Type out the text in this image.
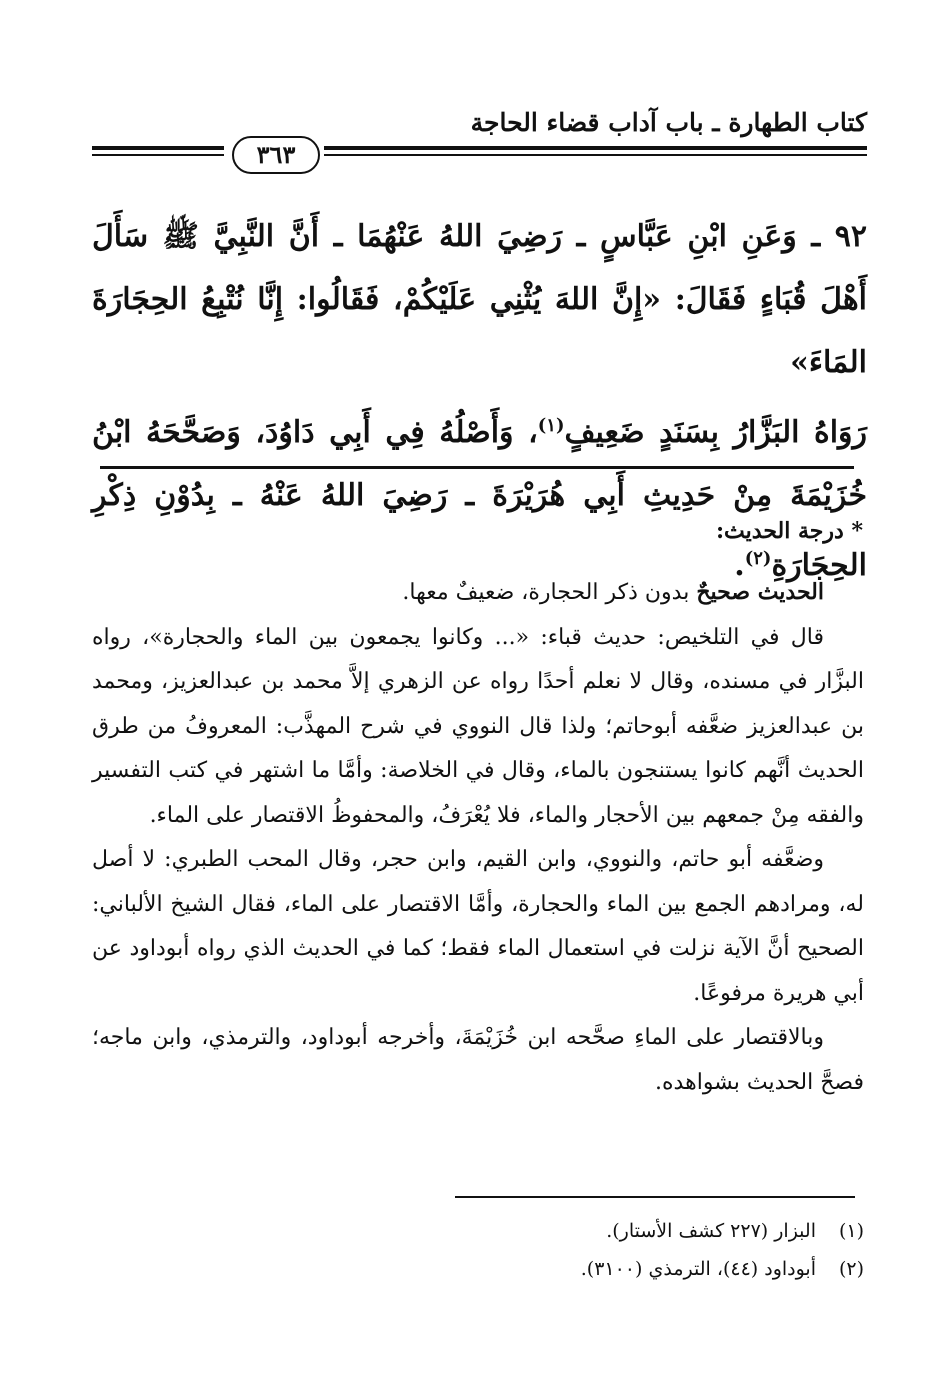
كتاب الطهارة ـ باب آداب قضاء الحاجة
٣٦٣
٩٢ ـ وَعَنِ ابْنِ عَبَّاسٍ ـ رَضِيَ اللهُ عَنْهُمَا ـ أَنَّ النَّبِيَّ ﷺ سَأَلَ
أَهْلَ قُبَاءٍ فَقَالَ: «إِنَّ اللهَ يُثْنِي عَلَيْكُمْ، فَقَالُوا: إِنَّا نُتْبِعُ الحِجَارَةَ المَاءَ»
رَوَاهُ البَزَّارُ بِسَنَدٍ ضَعِيفٍ$^{(١)}$، وَأَصْلُهُ فِي أَبِي دَاوُدَ، وَصَحَّحَهُ ابْنُ
خُزَيْمَةَ مِنْ حَدِيثِ أَبِي هُرَيْرَةَ ـ رَضِيَ اللهُ عَنْهُ ـ بِدُوْنِ ذِكْرِ الحِجَارَةِ$^{(٢)}$.
* درجة الحديث:

الحديث صحيحٌ بدون ذكر الحجارة، ضعيفٌ معها.

قال في التلخيص: حديث قباء: «... وكانوا يجمعون بين الماء والحجارة»، رواه البزَّار في مسنده، وقال لا نعلم أحدًا رواه عن الزهري إلاَّ محمد بن عبدالعزيز، ومحمد بن عبدالعزيز ضعَّفه أبوحاتم؛ ولذا قال النووي في شرح المهذَّب: المعروفُ من طرق الحديث أنَّهم كانوا يستنجون بالماء، وقال في الخلاصة: وأمَّا ما اشتهر في كتب التفسير والفقه مِنْ جمعهم بين الأحجار والماء، فلا يُعْرَفُ، والمحفوظُ الاقتصار على الماء.

وضعَّفه أبو حاتم، والنووي، وابن القيم، وابن حجر، وقال المحب الطبري: لا أصل له، ومرادهم الجمع بين الماء والحجارة، وأمَّا الاقتصار على الماء، فقال الشيخ الألباني: الصحيح أنَّ الآية نزلت في استعمال الماء فقط؛ كما في الحديث الذي رواه أبوداود عن أبي هريرة مرفوعًا.

وبالاقتصار على الماءِ صحَّحه ابن خُزَيْمَةَ، وأخرجه أبوداود، والترمذي، وابن ماجه؛ فصحَّ الحديث بشواهده.

(١)البزار (٢٢٧ كشف الأستار).
(٢)أبوداود (٤٤)، الترمذي (٣١٠٠).
